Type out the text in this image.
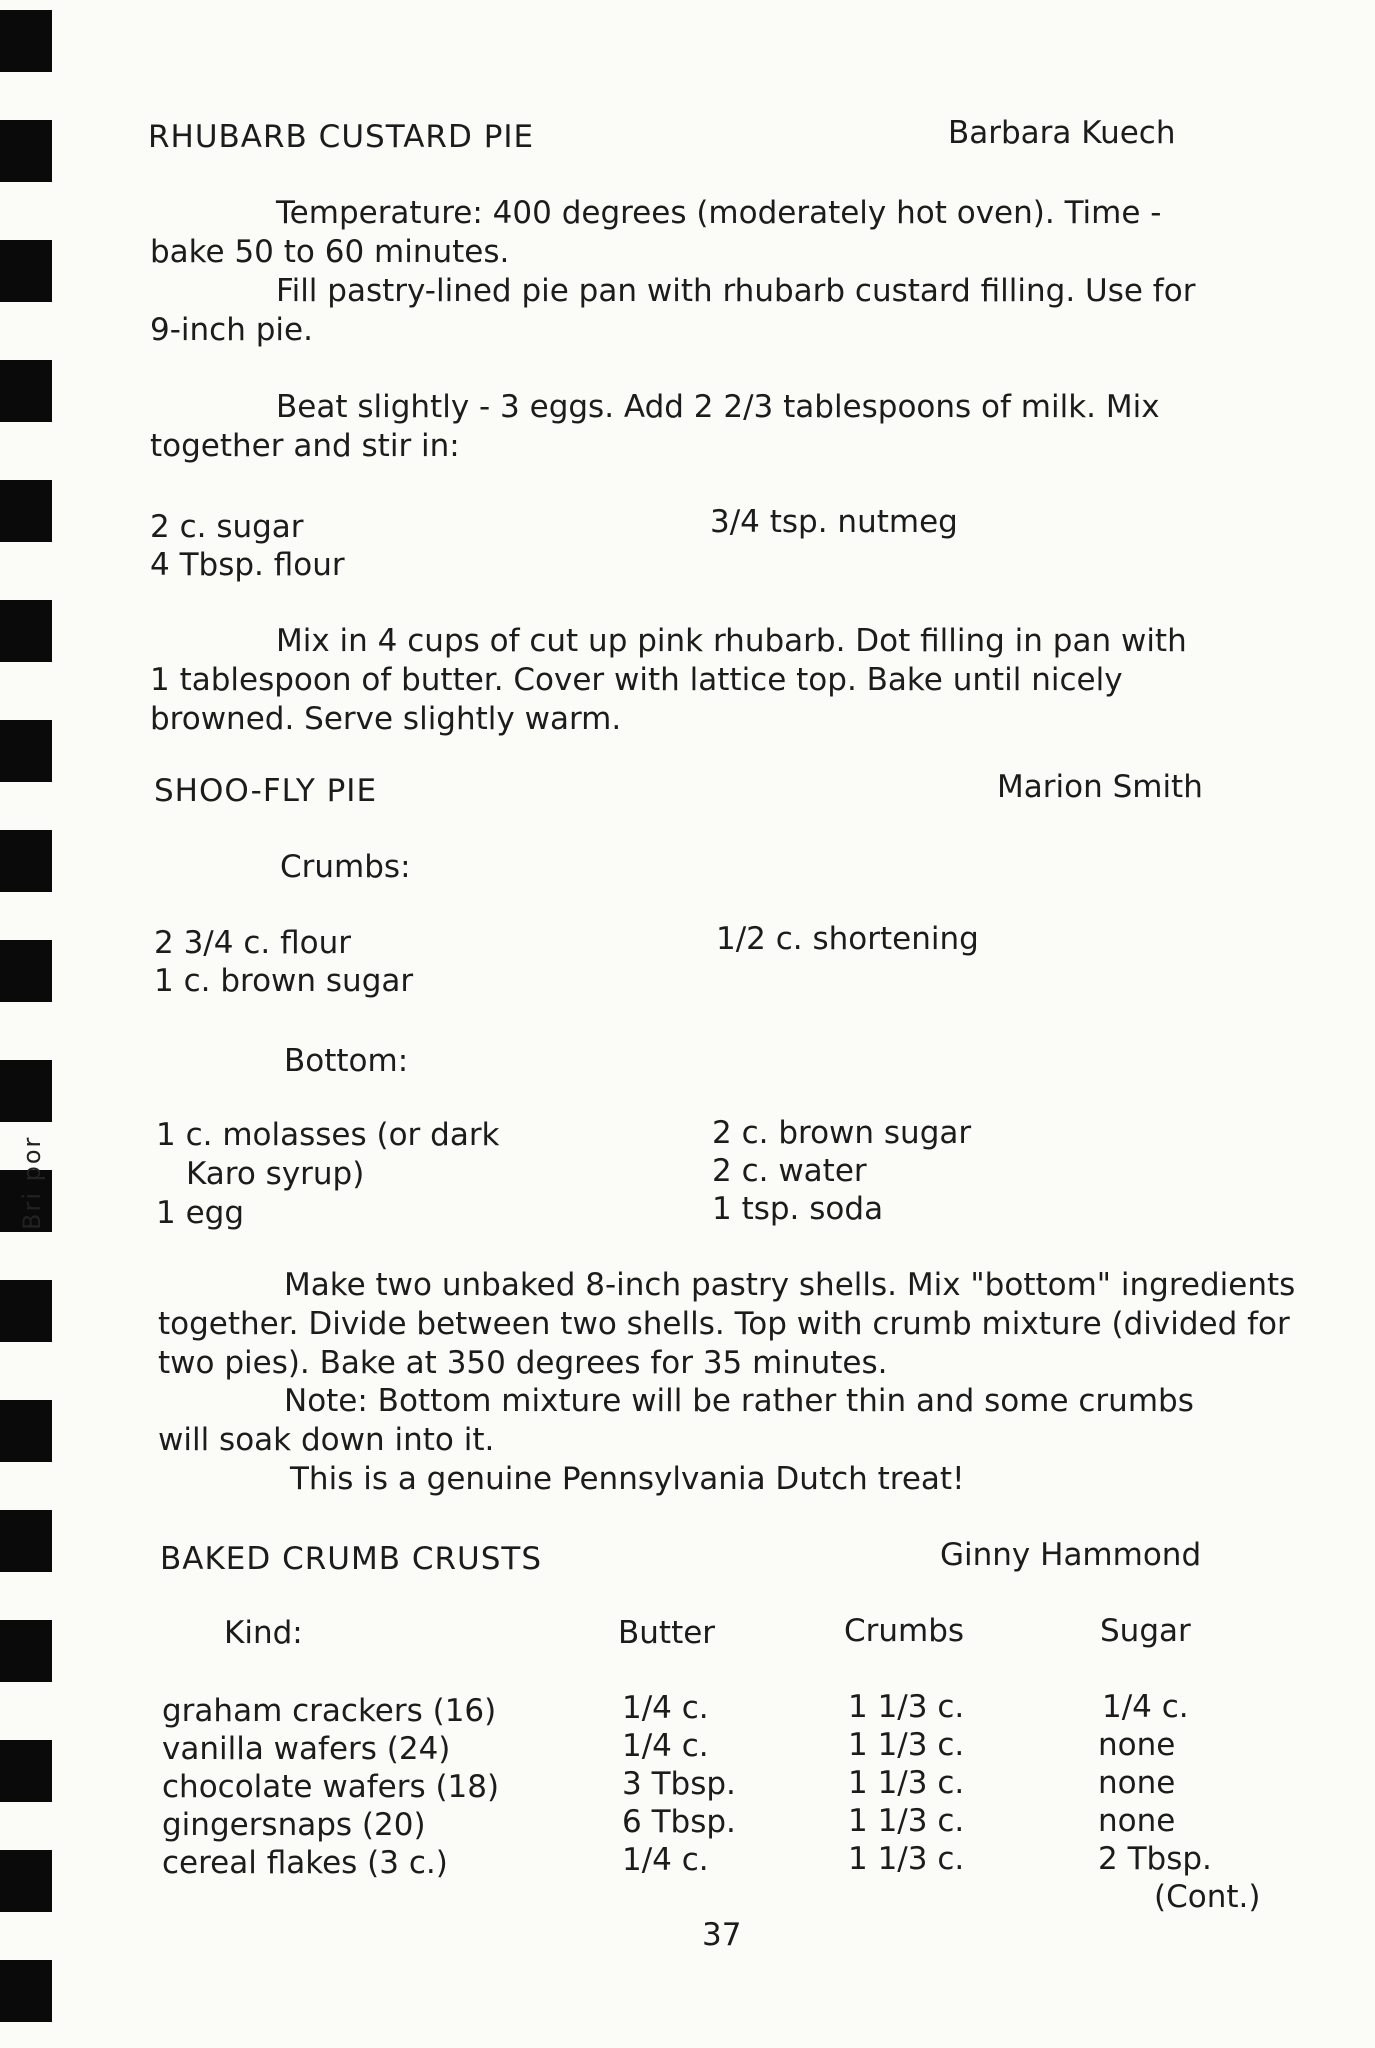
Bri por
RHUBARB CUSTARD PIE	Barbara Kuech
Temperature: 400 degrees (moderately hot oven). Time - bake 50 to 60 minutes.
Fill pastry-lined pie pan with rhubarb custard filling. Use for 9-inch pie.
Beat slightly - 3 eggs. Add 2 2/3 tablespoons of milk. Mix together and stir in:
2 c. sugar
4 Tbsp. flour
3/4 tsp. nutmeg
Mix in 4 cups of cut up pink rhubarb. Dot filling in pan with 1 tablespoon of butter. Cover with lattice top. Bake until nicely browned. Serve slightly warm.
SHOO-FLY PIE	Marion Smith
Crumbs:
2 3/4 c. flour
1 c. brown sugar
1/2 c. shortening
Bottom:
1 c. molasses (or dark
Karo syrup)
1 egg
2 c. brown sugar
2 c. water
1 tsp. soda
Make two unbaked 8-inch pastry shells. Mix "bottom" ingredients together. Divide between two shells. Top with crumb mixture (divided for two pies). Bake at 350 degrees for 35 minutes.
Note: Bottom mixture will be rather thin and some crumbs will soak down into it.
This is a genuine Pennsylvania Dutch treat!
BAKED CRUMB CRUSTS	Ginny Hammond
Kind:	Butter	Crumbs	Sugar
graham crackers (16)	1/4 c.	1 1/3 c.	1/4 c.
vanilla wafers (24)	1/4 c.	1 1/3 c.	none
chocolate wafers (18)	3 Tbsp.	1 1/3 c.	none
gingersnaps (20)	6 Tbsp.	1 1/3 c.	none
cereal flakes (3 c.)	1/4 c.	1 1/3 c.	2 Tbsp.
(Cont.)
37
